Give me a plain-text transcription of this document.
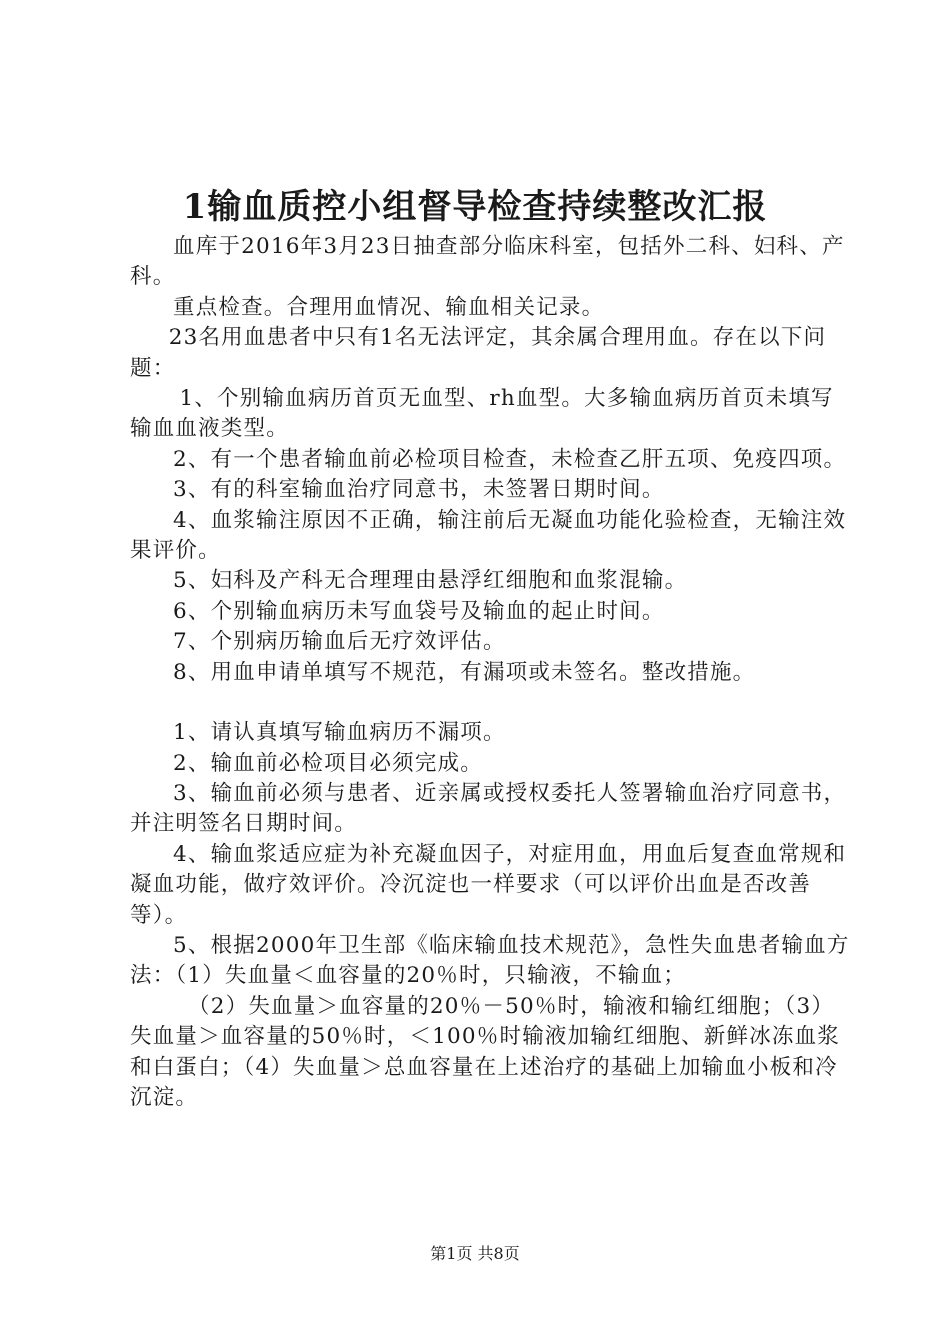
1输血质控小组督导检查持续整改汇报

血库于2016年3月23日抽查部分临床科室，包括外二科、妇科、产科。

重点检查。合理用血情况、输血相关记录。

23名用血患者中只有1名无法评定，其余属合理用血。存在以下问题：

1、个别输血病历首页无血型、rh血型。大多输血病历首页未填写输血血液类型。

2、有一个患者输血前必检项目检查，未检查乙肝五项、免疫四项。

3、有的科室输血治疗同意书，未签署日期时间。

4、血浆输注原因不正确，输注前后无凝血功能化验检查，无输注效果评价。

5、妇科及产科无合理理由悬浮红细胞和血浆混输。

6、个别输血病历未写血袋号及输血的起止时间。

7、个别病历输血后无疗效评估。

8、用血申请单填写不规范，有漏项或未签名。整改措施。

1、请认真填写输血病历不漏项。

2、输血前必检项目必须完成。

3、输血前必须与患者、近亲属或授权委托人签署输血治疗同意书，并注明签名日期时间。

4、输血浆适应症为补充凝血因子，对症用血，用血后复查血常规和凝血功能，做疗效评价。冷沉淀也一样要求（可以评价出血是否改善等）。

5、根据2000年卫生部《临床输血技术规范》，急性失血患者输血方法：（1）失血量＜血容量的20％时，只输液，不输血；

（2）失血量＞血容量的20％－50％时，输液和输红细胞；（3）失血量＞血容量的50％时，＜100％时输液加输红细胞、新鲜冰冻血浆和白蛋白；（4）失血量＞总血容量在上述治疗的基础上加输血小板和冷沉淀。

第1页 共8页
